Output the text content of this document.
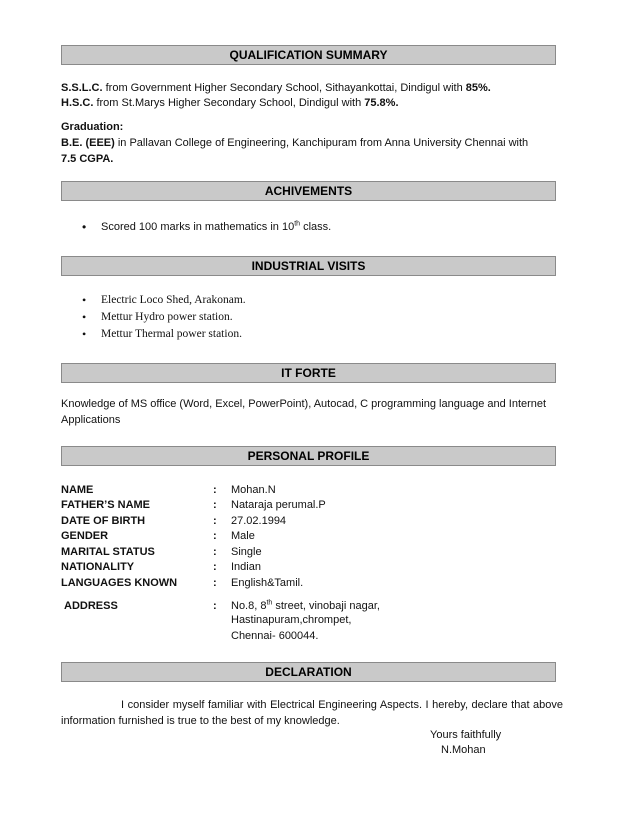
QUALIFICATION SUMMARY
S.S.L.C. from Government Higher Secondary School, Sithayankottai, Dindigul with 85%.
H.S.C. from St.Marys Higher Secondary School, Dindigul with 75.8%.
Graduation:
B.E. (EEE) in Pallavan College of Engineering, Kanchipuram from Anna University Chennai with
7.5 CGPA.
ACHIVEMENTS
• Scored 100 marks in mathematics in 10th class.
INDUSTRIAL VISITS
• Electric Loco Shed, Arakonam.
• Mettur Hydro power station.
• Mettur Thermal power station.
IT FORTE
Knowledge of MS office (Word, Excel, PowerPoint), Autocad, C programming language and Internet
Applications
PERSONAL PROFILE
NAME	: Mohan.N
FATHER’S NAME	: Nataraja perumal.P
DATE OF BIRTH	: 27.02.1994
GENDER	: Male
MARITAL STATUS	: Single
NATIONALITY	: Indian
LANGUAGES KNOWN	: English&Tamil.
ADDRESS	: No.8, 8th street, vinobaji nagar,
Hastinapuram,chrompet,
Chennai- 600044.
DECLARATION
I consider myself familiar with Electrical Engineering Aspects. I hereby, declare that above information furnished is true to the best of my knowledge.
Yours faithfully
N.Mohan
